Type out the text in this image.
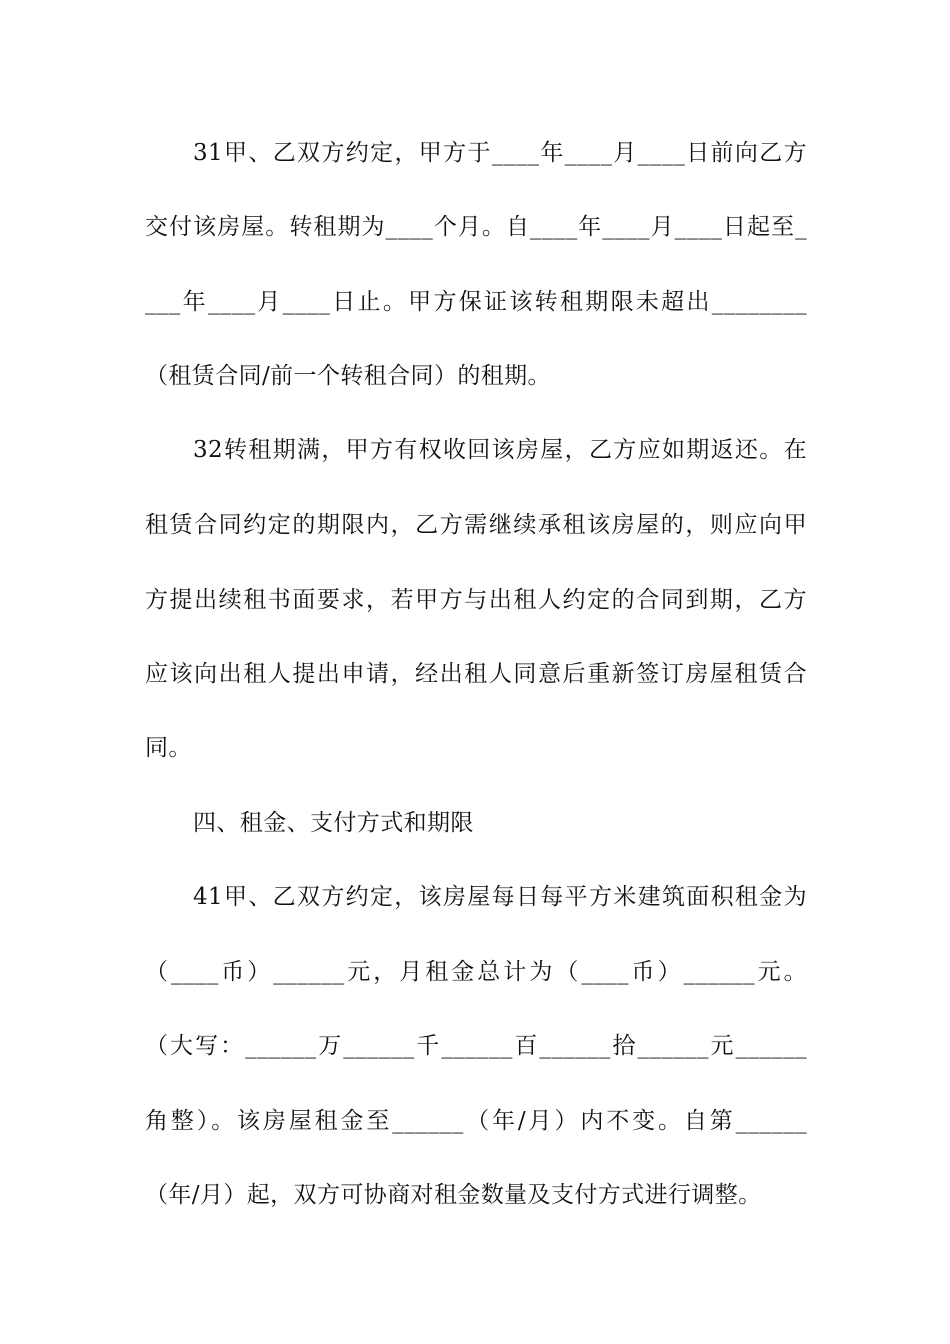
31甲、乙双方约定，甲方于____年____月____日前向乙方
交付该房屋。转租期为____个月。自____年____月____日起至_
___年____月____日止。甲方保证该转租期限未超出________
（租赁合同/前一个转租合同）的租期。
32转租期满，甲方有权收回该房屋，乙方应如期返还。在
租赁合同约定的期限内，乙方需继续承租该房屋的，则应向甲
方提出续租书面要求，若甲方与出租人约定的合同到期，乙方
应该向出租人提出申请，经出租人同意后重新签订房屋租赁合
同。
四、租金、支付方式和期限
41甲、乙双方约定，该房屋每日每平方米建筑面积租金为
（____币）______元，月租金总计为（____币）______元。
（大写：______万______千______百______拾______元______
角整）。该房屋租金至______（年/月）内不变。自第______
（年/月）起，双方可协商对租金数量及支付方式进行调整。
